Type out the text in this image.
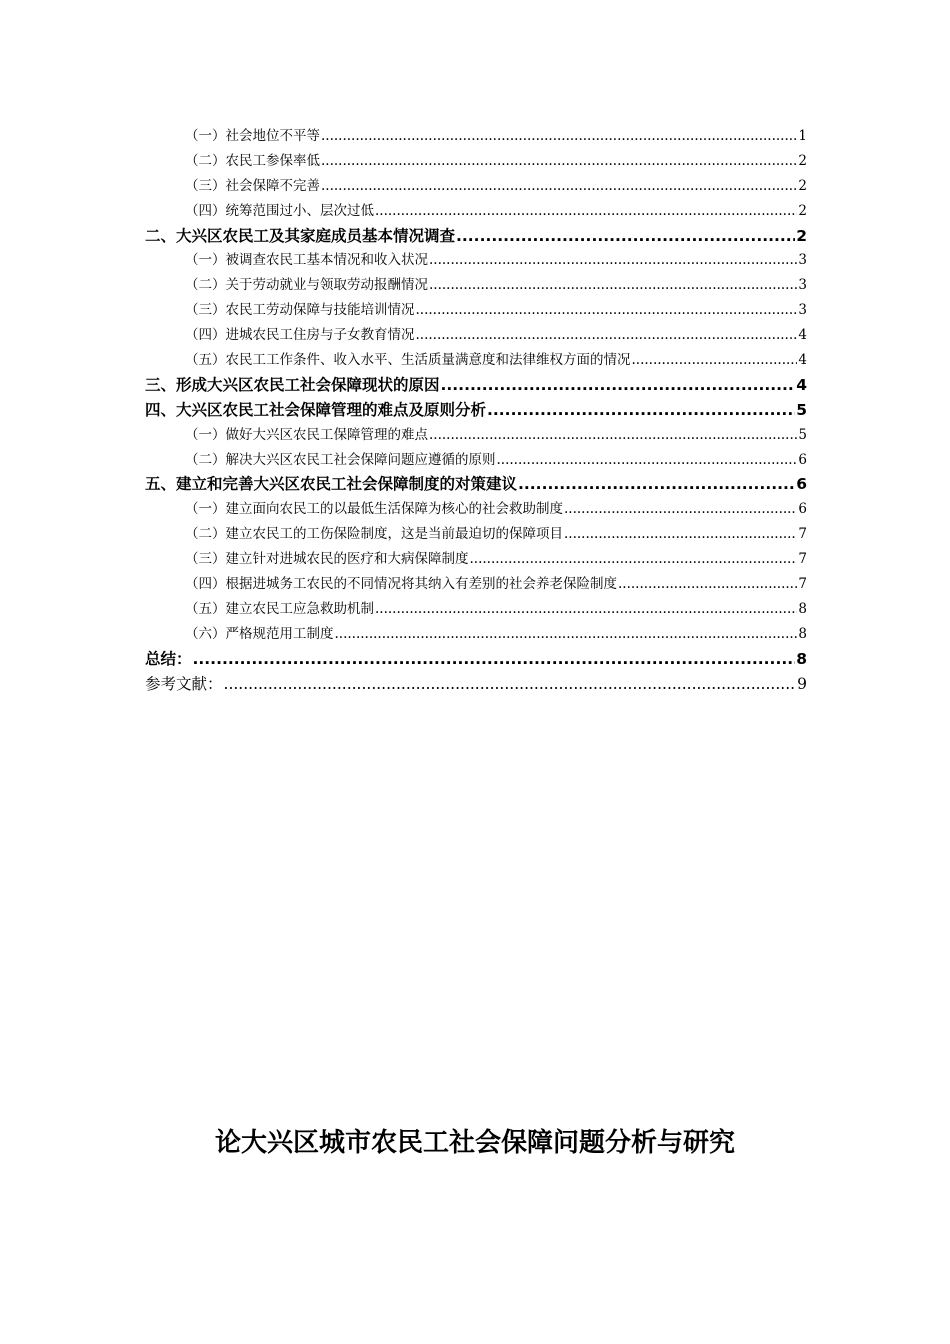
（一）社会地位不平等 .....	1
（二）农民工参保率低 .....	2
（三）社会保障不完善 .....	2
（四）统筹范围过小、层次过低 .....	2
二、大兴区农民工及其家庭成员基本情况调查 .....	2
（一）被调查农民工基本情况和收入状况 .....	3
（二）关于劳动就业与领取劳动报酬情况 .....	3
（三）农民工劳动保障与技能培训情况 .....	3
（四）进城农民工住房与子女教育情况 .....	4
（五）农民工工作条件、收入水平、生活质量满意度和法律维权方面的情况 .....	4
三、形成大兴区农民工社会保障现状的原因 .....	4
四、大兴区农民工社会保障管理的难点及原则分析 .....	5
（一）做好大兴区农民工保障管理的难点 .....	5
（二）解决大兴区农民工社会保障问题应遵循的原则 .....	6
五、建立和完善大兴区农民工社会保障制度的对策建议 .....	6
（一）建立面向农民工的以最低生活保障为核心的社会救助制度 .....	6
（二）建立农民工的工伤保险制度，这是当前最迫切的保障项目 .....	7
（三）建立针对进城农民的医疗和大病保障制度 .....	7
（四）根据进城务工农民的不同情况将其纳入有差别的社会养老保险制度 .....	7
（五）建立农民工应急救助机制 .....	8
（六）严格规范用工制度 .....	8
总结： .....	8
参考文献： .....	9
论大兴区城市农民工社会保障问题分析与研究
